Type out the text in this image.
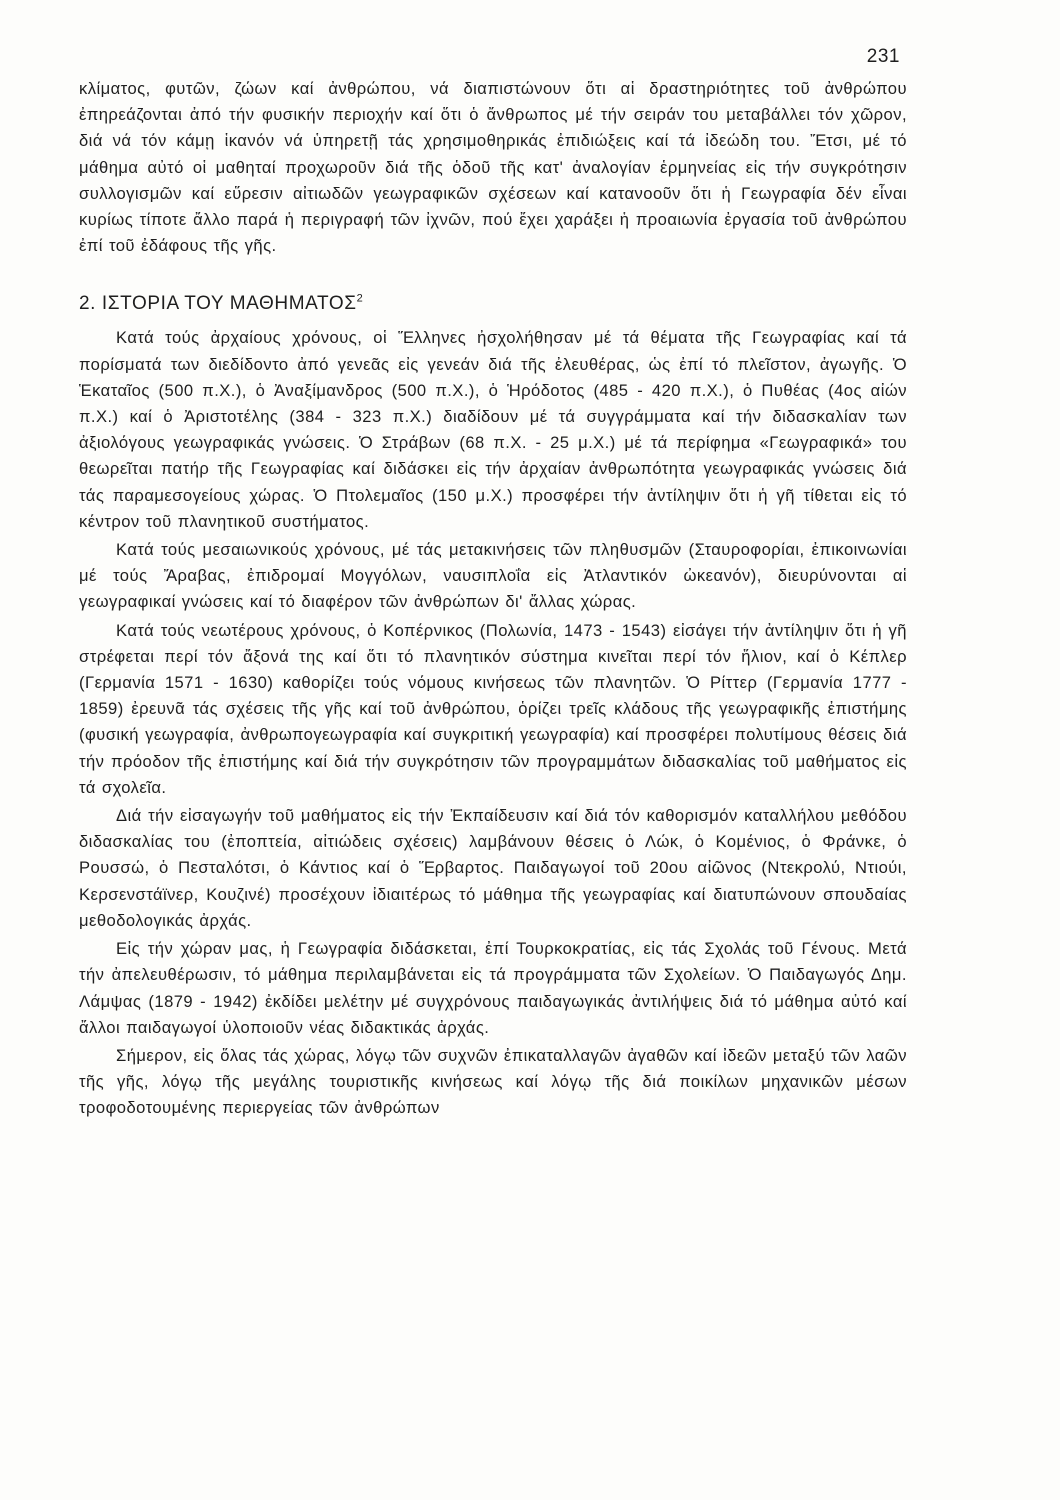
231

κλίματος, φυτῶν, ζώων καί ἀνθρώπου, νά διαπιστώνουν ὅτι αἱ δραστηριότητες τοῦ ἀνθρώπου ἐπηρεάζονται ἀπό τήν φυσικήν περιοχήν καί ὅτι ὁ ἄνθρωπος μέ τήν σειράν του μεταβάλλει τόν χῶρον, διά νά τόν κάμῃ ἱκανόν νά ὑπηρετῇ τάς χρησιμοθηρικάς ἐπιδιώξεις καί τά ἰδεώδη του. Ἔτσι, μέ τό μάθημα αὐτό οἱ μαθηταί προχωροῦν διά τῆς ὁδοῦ τῆς κατ' ἀναλογίαν ἑρμηνείας εἰς τήν συγκρότησιν συλλογισμῶν καί εὕρεσιν αἰτιωδῶν γεωγραφικῶν σχέσεων καί κατανοοῦν ὅτι ἡ Γεωγραφία δέν εἶναι κυρίως τίποτε ἄλλο παρά ἡ περιγραφή τῶν ἰχνῶν, πού ἔχει χαράξει ἡ προαιωνία ἐργασία τοῦ ἀνθρώπου ἐπί τοῦ ἐδάφους τῆς γῆς.

2. ΙΣΤΟΡΙΑ ΤΟΥ ΜΑΘΗΜΑΤΟΣ$^2$

Κατά τούς ἀρχαίους χρόνους, οἱ Ἕλληνες ἠσχολήθησαν μέ τά θέματα τῆς Γεωγραφίας καί τά πορίσματά των διεδίδοντο ἀπό γενεᾶς εἰς γενεάν διά τῆς ἐλευθέρας, ὡς ἐπί τό πλεῖστον, ἀγωγῆς. Ὁ Ἑκαταῖος (500 π.Χ.), ὁ Ἀναξίμανδρος (500 π.Χ.), ὁ Ἡρόδοτος (485 - 420 π.Χ.), ὁ Πυθέας (4ος αἰών π.Χ.) καί ὁ Ἀριστοτέλης (384 - 323 π.Χ.) διαδίδουν μέ τά συγγράμματα καί τήν διδασκαλίαν των ἀξιολόγους γεωγραφικάς γνώσεις. Ὁ Στράβων (68 π.Χ. - 25 μ.Χ.) μέ τά περίφημα «Γεωγραφικά» του θεωρεῖται πατήρ τῆς Γεωγραφίας καί διδάσκει εἰς τήν ἀρχαίαν ἀνθρωπότητα γεωγραφικάς γνώσεις διά τάς παραμεσογείους χώρας. Ὁ Πτολεμαῖος (150 μ.Χ.) προσφέρει τήν ἀντίληψιν ὅτι ἡ γῆ τίθεται εἰς τό κέντρον τοῦ πλανητικοῦ συστήματος.

Κατά τούς μεσαιωνικούς χρόνους, μέ τάς μετακινήσεις τῶν πληθυσμῶν (Σταυροφορίαι, ἐπικοινωνίαι μέ τούς Ἄραβας, ἐπιδρομαί Μογγόλων, ναυσιπλοΐα εἰς Ἀτλαντικόν ὠκεανόν), διευρύνονται αἱ γεωγραφικαί γνώσεις καί τό διαφέρον τῶν ἀνθρώπων δι' ἄλλας χώρας.

Κατά τούς νεωτέρους χρόνους, ὁ Κοπέρνικος (Πολωνία, 1473 - 1543) εἰσάγει τήν ἀντίληψιν ὅτι ἡ γῆ στρέφεται περί τόν ἄξονά της καί ὅτι τό πλανητικόν σύστημα κινεῖται περί τόν ἥλιον, καί ὁ Κέπλερ (Γερμανία 1571 - 1630) καθορίζει τούς νόμους κινήσεως τῶν πλανητῶν. Ὁ Ρίττερ (Γερμανία 1777 - 1859) ἐρευνᾶ τάς σχέσεις τῆς γῆς καί τοῦ ἀνθρώπου, ὁρίζει τρεῖς κλάδους τῆς γεωγραφικῆς ἐπιστήμης (φυσική γεωγραφία, ἀνθρωπογεωγραφία καί συγκριτική γεωγραφία) καί προσφέρει πολυτίμους θέσεις διά τήν πρόοδον τῆς ἐπιστήμης καί διά τήν συγκρότησιν τῶν προγραμμάτων διδασκαλίας τοῦ μαθήματος εἰς τά σχολεῖα.

Διά τήν εἰσαγωγήν τοῦ μαθήματος εἰς τήν Ἐκπαίδευσιν καί διά τόν καθορισμόν καταλλήλου μεθόδου διδασκαλίας του (ἐποπτεία, αἰτιώδεις σχέσεις) λαμβάνουν θέσεις ὁ Λώκ, ὁ Κομένιος, ὁ Φράνκε, ὁ Ρουσσώ, ὁ Πεσταλότσι, ὁ Κάντιος καί ὁ Ἕρβαρτος. Παιδαγωγοί τοῦ 20ου αἰῶνος (Ντεκρολύ, Ντιούι, Κερσενστάϊνερ, Κουζινέ) προσέχουν ἰδιαιτέρως τό μάθημα τῆς γεωγραφίας καί διατυπώνουν σπουδαίας μεθοδολογικάς ἀρχάς.

Εἰς τήν χώραν μας, ἡ Γεωγραφία διδάσκεται, ἐπί Τουρκοκρατίας, εἰς τάς Σχολάς τοῦ Γένους. Μετά τήν ἀπελευθέρωσιν, τό μάθημα περιλαμβάνεται εἰς τά προγράμματα τῶν Σχολείων. Ὁ Παιδαγωγός Δημ. Λάμψας (1879 - 1942) ἐκδίδει μελέτην μέ συγχρόνους παιδαγωγικάς ἀντιλήψεις διά τό μάθημα αὐτό καί ἄλλοι παιδαγωγοί ὑλοποιοῦν νέας διδακτικάς ἀρχάς.

Σήμερον, εἰς ὅλας τάς χώρας, λόγῳ τῶν συχνῶν ἐπικαταλλαγῶν ἀγαθῶν καί ἰδεῶν μεταξύ τῶν λαῶν τῆς γῆς, λόγῳ τῆς μεγάλης τουριστικῆς κινήσεως καί λόγῳ τῆς διά ποικίλων μηχανικῶν μέσων τροφοδοτουμένης περιεργείας τῶν ἀνθρώπων
